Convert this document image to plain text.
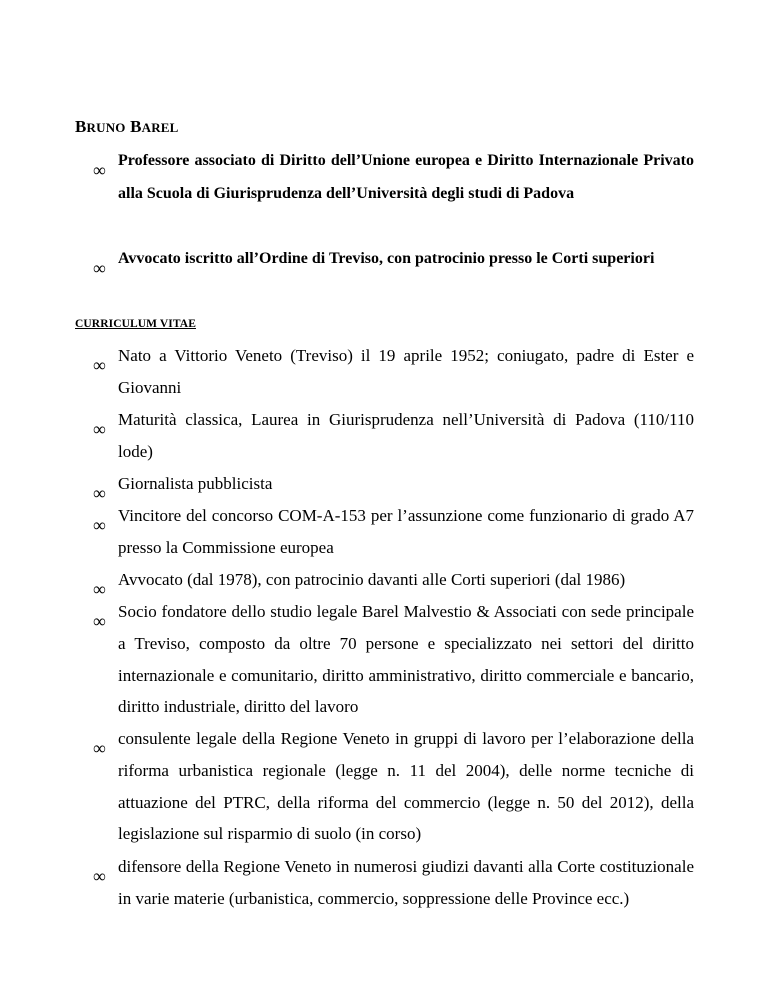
BRUNO BAREL
∞ Professore associato di Diritto dell’Unione europea e Diritto Internazionale Privato alla Scuola di Giurisprudenza dell’Università degli studi di Padova
∞ Avvocato iscritto all’Ordine di Treviso, con patrocinio presso le Corti superiori
CURRICULUM VITAE
∞ Nato a Vittorio Veneto (Treviso) il 19 aprile 1952; coniugato, padre di Ester e Giovanni
∞ Maturità classica, Laurea in Giurisprudenza nell’Università di Padova (110/110 lode)
∞ Giornalista pubblicista
∞ Vincitore del concorso COM-A-153 per l’assunzione come funzionario di grado A7 presso la Commissione europea
∞ Avvocato (dal 1978), con patrocinio davanti alle Corti superiori (dal 1986)
∞ Socio fondatore dello studio legale Barel Malvestio & Associati con sede principale a Treviso, composto da oltre 70 persone e specializzato nei settori del diritto internazionale e comunitario, diritto amministrativo, diritto commerciale e bancario, diritto industriale, diritto del lavoro
∞ consulente legale della Regione Veneto in gruppi di lavoro per l’elaborazione della riforma urbanistica regionale (legge n. 11 del 2004), delle norme tecniche di attuazione del PTRC, della riforma del commercio (legge n. 50 del 2012), della legislazione sul risparmio di suolo (in corso)
∞ difensore della Regione Veneto in numerosi giudizi davanti alla Corte costituzionale in varie materie (urbanistica, commercio, soppressione delle Province ecc.)
